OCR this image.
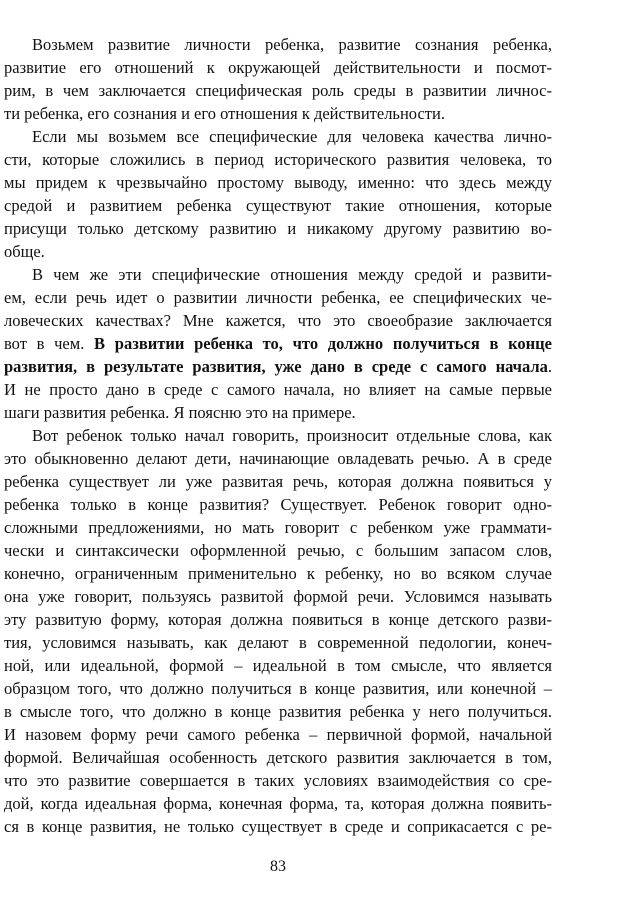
Возьмем развитие личности ребенка, развитие сознания ребенка,
развитие его отношений к окружающей действительности и посмот-
рим, в чем заключается специфическая роль среды в развитии личнос-
ти ребенка, его сознания и его отношения к действительности.
Если мы возьмем все специфические для человека качества лично-
сти, которые сложились в период исторического развития человека, то
мы придем к чрезвычайно простому выводу, именно: что здесь между
средой и развитием ребенка существуют такие отношения, которые
присущи только детскому развитию и никакому другому развитию во-
обще.
В чем же эти специфические отношения между средой и развити-
ем, если речь идет о развитии личности ребенка, ее специфических че-
ловеческих качествах? Мне кажется, что это своеобразие заключается
вот в чем. В развитии ребенка то, что должно получиться в конце
развития, в результате развития, уже дано в среде с самого начала.
И не просто дано в среде с самого начала, но влияет на самые первые
шаги развития ребенка. Я поясню это на примере.
Вот ребенок только начал говорить, произносит отдельные слова, как
это обыкновенно делают дети, начинающие овладевать речью. А в среде
ребенка существует ли уже развитая речь, которая должна появиться у
ребенка только в конце развития? Существует. Ребенок говорит одно-
сложными предложениями, но мать говорит с ребенком уже граммати-
чески и синтаксически оформленной речью, с большим запасом слов,
конечно, ограниченным применительно к ребенку, но во всяком случае
она уже говорит, пользуясь развитой формой речи. Условимся называть
эту развитую форму, которая должна появиться в конце детского разви-
тия, условимся называть, как делают в современной педологии, конеч-
ной, или идеальной, формой – идеальной в том смысле, что является
образцом того, что должно получиться в конце развития, или конечной –
в смысле того, что должно в конце развития ребенка у него получиться.
И назовем форму речи самого ребенка – первичной формой, начальной
формой. Величайшая особенность детского развития заключается в том,
что это развитие совершается в таких условиях взаимодействия со сре-
дой, когда идеальная форма, конечная форма, та, которая должна появить-
ся в конце развития, не только существует в среде и соприкасается с ре-
83
